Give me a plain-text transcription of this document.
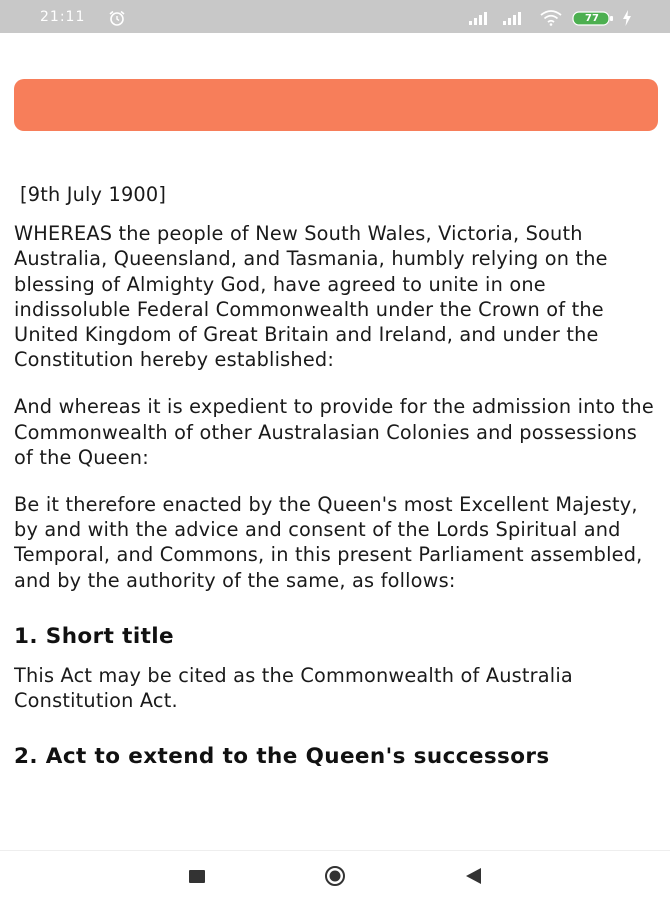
21:11	77

[9th July 1900]

WHEREAS the people of New South Wales, Victoria, South Australia, Queensland, and Tasmania, humbly relying on the blessing of Almighty God, have agreed to unite in one indissoluble Federal Commonwealth under the Crown of the United Kingdom of Great Britain and Ireland, and under the Constitution hereby established:

And whereas it is expedient to provide for the admission into the Commonwealth of other Australasian Colonies and possessions of the Queen:

Be it therefore enacted by the Queen's most Excellent Majesty, by and with the advice and consent of the Lords Spiritual and Temporal, and Commons, in this present Parliament assembled, and by the authority of the same, as follows:

1. Short title

This Act may be cited as the Commonwealth of Australia Constitution Act.

2. Act to extend to the Queen's successors
